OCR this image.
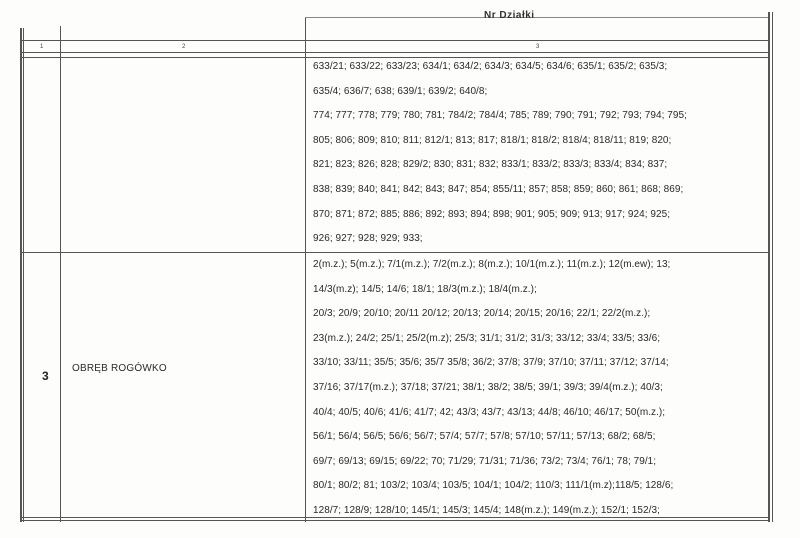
Nr Działki
1	2	3
3
OBRĘB ROGÓWKO
633/21; 633/22; 633/23; 634/1; 634/2; 634/3; 634/5; 634/6; 635/1; 635/2; 635/3;
635/4; 636/7; 638; 639/1; 639/2; 640/8;
774; 777; 778; 779; 780; 781; 784/2; 784/4; 785; 789; 790; 791; 792; 793; 794; 795;
805; 806; 809; 810; 811; 812/1; 813; 817; 818/1; 818/2; 818/4; 818/11; 819; 820;
821; 823; 826; 828; 829/2; 830; 831; 832; 833/1; 833/2; 833/3; 833/4; 834; 837;
838; 839; 840; 841; 842; 843; 847; 854; 855/11; 857; 858; 859; 860; 861; 868; 869;
870; 871; 872; 885; 886; 892; 893; 894; 898; 901; 905; 909; 913; 917; 924; 925;
926; 927; 928; 929; 933;
2(m.z.); 5(m.z.); 7/1(m.z.); 7/2(m.z.); 8(m.z.); 10/1(m.z.); 11(m.z.); 12(m.ew); 13;
14/3(m.z); 14/5; 14/6; 18/1; 18/3(m.z.); 18/4(m.z.);
20/3; 20/9; 20/10; 20/11 20/12; 20/13; 20/14; 20/15; 20/16; 22/1; 22/2(m.z.);
23(m.z.); 24/2; 25/1; 25/2(m.z); 25/3; 31/1; 31/2; 31/3; 33/12; 33/4; 33/5; 33/6;
33/10; 33/11; 35/5; 35/6; 35/7 35/8; 36/2; 37/8; 37/9; 37/10; 37/11; 37/12; 37/14;
37/16; 37/17(m.z.); 37/18; 37/21; 38/1; 38/2; 38/5; 39/1; 39/3; 39/4(m.z.); 40/3;
40/4; 40/5; 40/6; 41/6; 41/7; 42; 43/3; 43/7; 43/13; 44/8; 46/10; 46/17; 50(m.z.);
56/1; 56/4; 56/5; 56/6; 56/7; 57/4; 57/7; 57/8; 57/10; 57/11; 57/13; 68/2; 68/5;
69/7; 69/13; 69/15; 69/22; 70; 71/29; 71/31; 71/36; 73/2; 73/4; 76/1; 78; 79/1;
80/1; 80/2; 81; 103/2; 103/4; 103/5; 104/1; 104/2; 110/3; 111/1(m.z);118/5; 128/6;
128/7; 128/9; 128/10; 145/1; 145/3; 145/4; 148(m.z.); 149(m.z.); 152/1; 152/3;
